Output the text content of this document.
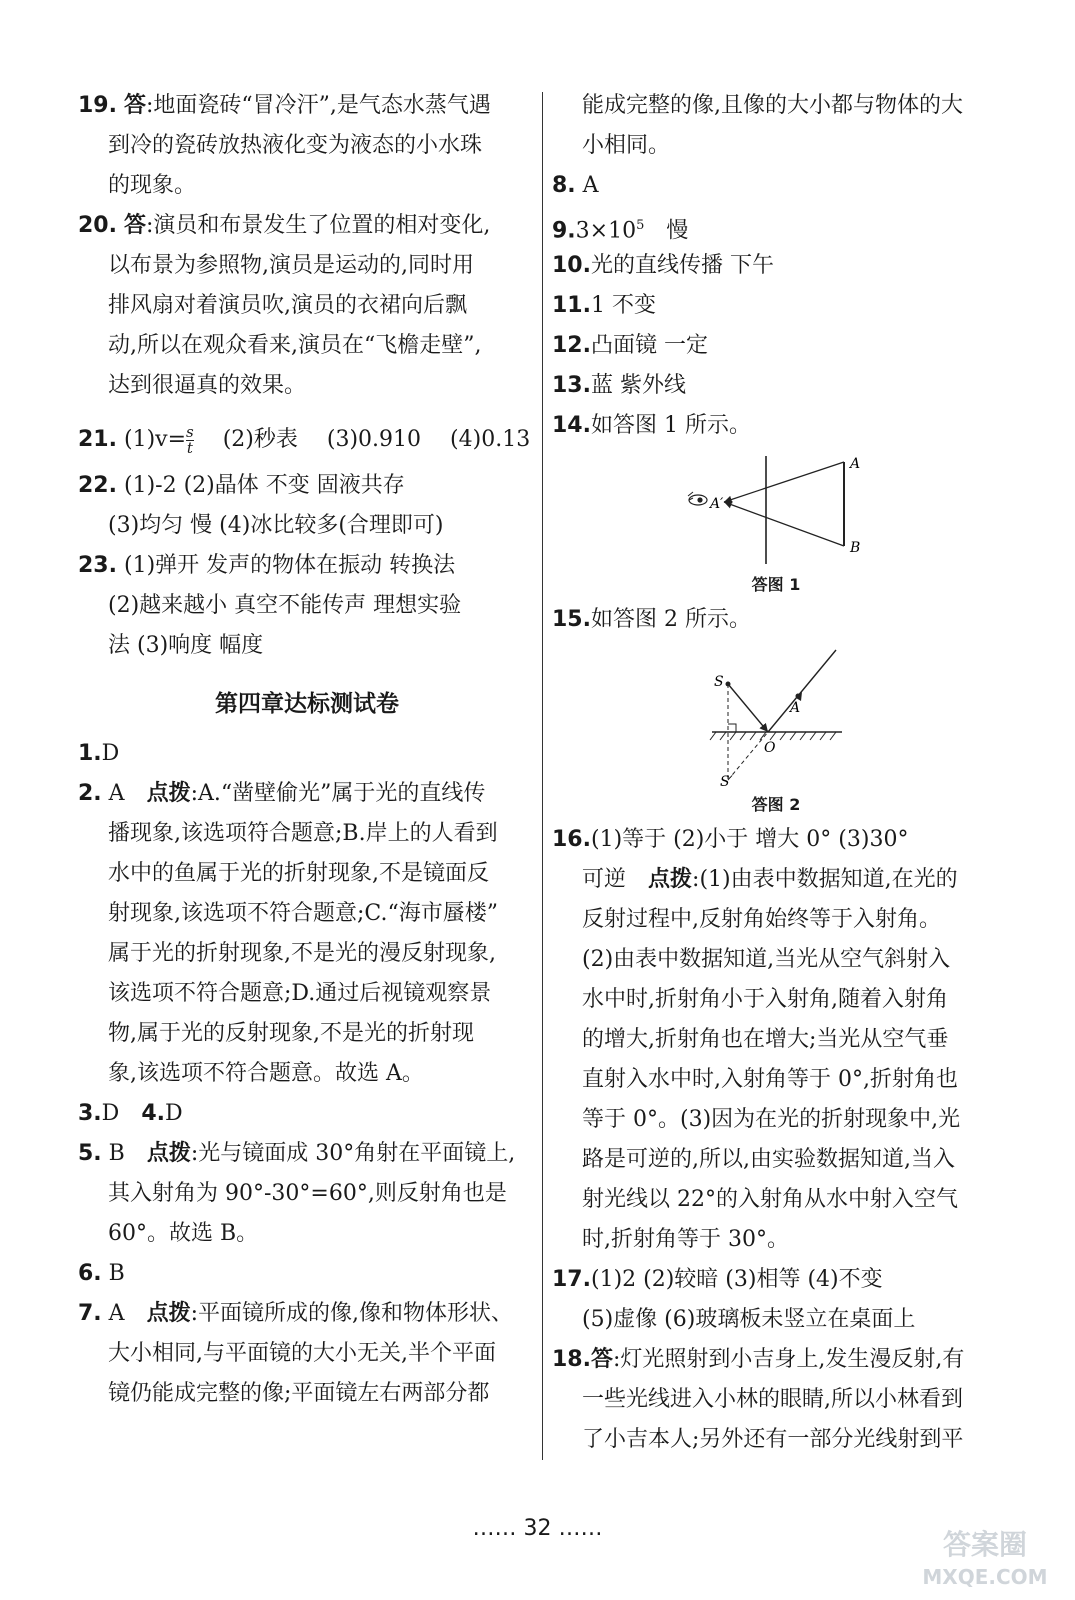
19. 答:地面瓷砖“冒冷汗”,是气态水蒸气遇
到冷的瓷砖放热液化变为液态的小水珠
的现象。
20. 答:演员和布景发生了位置的相对变化,
以布景为参照物,演员是运动的,同时用
排风扇对着演员吹,演员的衣裙向后飘
动,所以在观众看来,演员在“飞檐走壁”,
达到很逼真的效果。
21. $(1)v= \frac{s}{t} (2)$秒表 (3)0.910 (4)0.13
22. (1)-2 (2)晶体 不变 固液共存
(3)均匀 慢 (4)冰比较多(合理即可)
23. (1)弹开 发声的物体在振动 转换法
(2)越来越小 真空不能传声 理想实验
法 (3)响度 幅度
第四章达标测试卷
1.D
2. A 点拨:A.“凿壁偷光”属于光的直线传
播现象,该选项符合题意;B.岸上的人看到
水中的鱼属于光的折射现象,不是镜面反
射现象,该选项不符合题意;C.“海市蜃楼”
属于光的折射现象,不是光的漫反射现象,
该选项不符合题意;D.通过后视镜观察景
物,属于光的反射现象,不是光的折射现
象,该选项不符合题意。故选 A。
3.D 4.D
5. B 点拨:光与镜面成 30°角射在平面镜上,
其入射角为 90°-30°=60°,则反射角也是
60°。故选 B。
6. B
7. A 点拨:平面镜所成的像,像和物体形状、
大小相同,与平面镜的大小无关,半个平面
镜仍能成完整的像;平面镜左右两部分都
能成完整的像,且像的大小都与物体的大
小相同。
8. A
$9.3\times 10^5$ 慢
10.光的直线传播 下午
11.1 不变
12.凸面镜 一定
13.蓝 紫外线
14.如答图 1 所示。
A
B
A′
答图 1
15.如答图 2 所示。
S
A
O
S′
答图 2
16.(1)等于 (2)小于 增大 0° (3)30°
可逆 点拨:(1)由表中数据知道,在光的
反射过程中,反射角始终等于入射角。
(2)由表中数据知道,当光从空气斜射入
水中时,折射角小于入射角,随着入射角
的增大,折射角也在增大;当光从空气垂
直射入水中时,入射角等于 0°,折射角也
等于 0°。(3)因为在光的折射现象中,光
路是可逆的,所以,由实验数据知道,当入
射光线以 22°的入射角从水中射入空气
时,折射角等于 30°。
17.(1)2 (2)较暗 (3)相等 (4)不变
(5)虚像 (6)玻璃板未竖立在桌面上
18.答:灯光照射到小吉身上,发生漫反射,有
一些光线进入小林的眼睛,所以小林看到
了小吉本人;另外还有一部分光线射到平
…… 32 ……	答案圈
MXQE.COM
